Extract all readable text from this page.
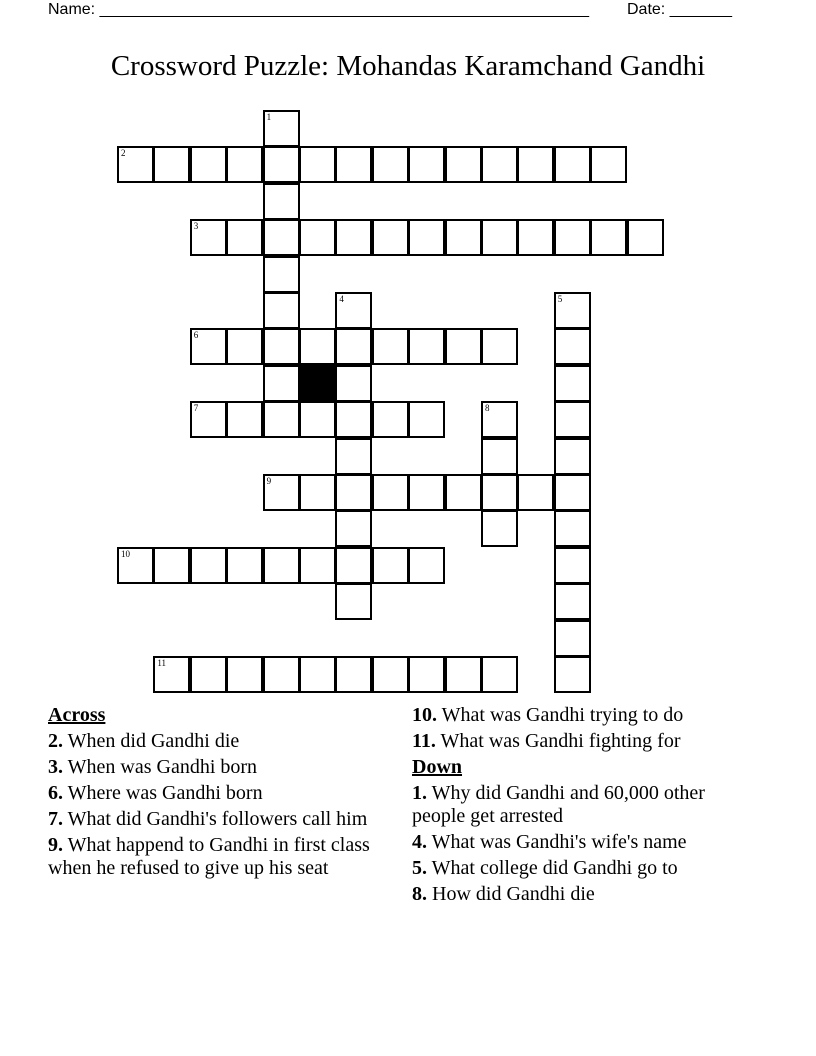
Name: _______________________________________________________ Date: _______
Crossword Puzzle: Mohandas Karamchand Gandhi
2
3
6
7
9
10
11
1
4	5
8
Across
2. When did Gandhi die
3. When was Gandhi born
6. Where was Gandhi born
7. What did Gandhi's followers call him
9. What happend to Gandhi in first class when he refused to give up his seat
10. What was Gandhi trying to do
11. What was Gandhi fighting for
Down
1. Why did Gandhi and 60,000 other people get arrested
4. What was Gandhi's wife's name
5. What college did Gandhi go to
8. How did Gandhi die
